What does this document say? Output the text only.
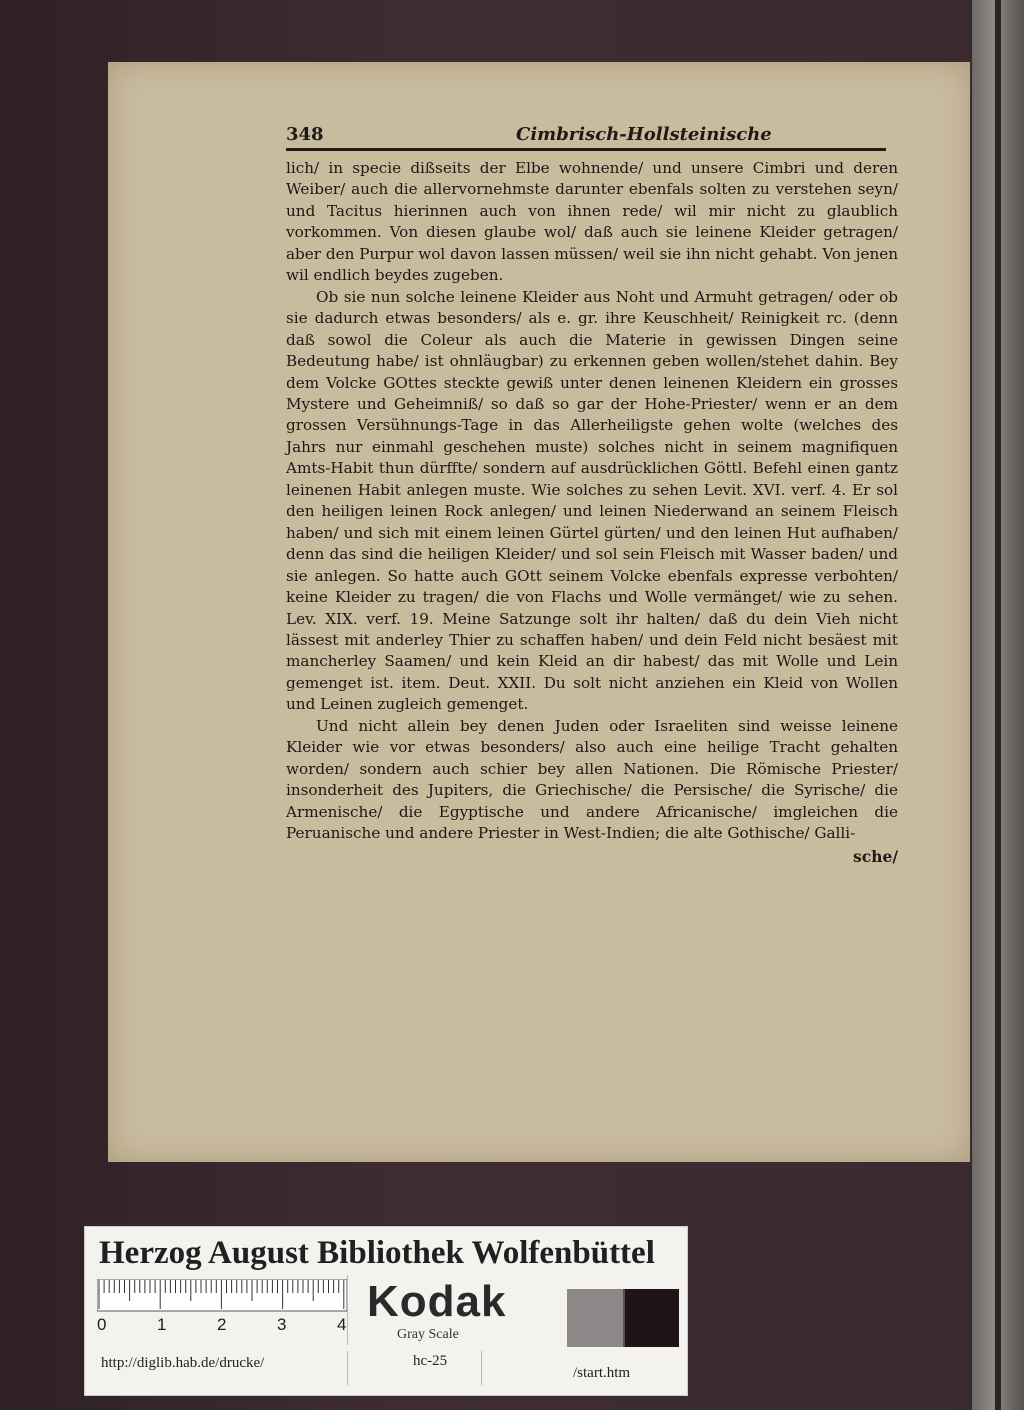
348	Cimbrisch-Hollsteinische

lich/ in specie dißseits der Elbe wohnende/ und unsere Cimbri und deren Weiber/ auch die allervornehmste darunter ebenfals solten zu verstehen seyn/ und Tacitus hierinnen auch von ihnen rede/ wil mir nicht zu glaublich vorkommen. Von diesen glaube wol/ daß auch sie leinene Kleider getragen/ aber den Purpur wol davon lassen müssen/ weil sie ihn nicht gehabt. Von jenen wil endlich beydes zugeben.

Ob sie nun solche leinene Kleider aus Noht und Armuht getragen/ oder ob sie dadurch etwas besonders/ als e. gr. ihre Keuschheit/ Reinigkeit rc. (denn daß sowol die Coleur als auch die Materie in gewissen Dingen seine Bedeutung habe/ ist ohnläugbar) zu erkennen geben wollen/stehet dahin. Bey dem Volcke GOttes steckte gewiß unter denen leinenen Kleidern ein grosses Mystere und Geheimniß/ so daß so gar der Hohe-Priester/ wenn er an dem grossen Versühnungs-Tage in das Allerheiligste gehen wolte (welches des Jahrs nur einmahl geschehen muste) solches nicht in seinem magnifiquen Amts-Habit thun dürffte/ sondern auf ausdrücklichen Göttl. Befehl einen gantz leinenen Habit anlegen muste. Wie solches zu sehen Levit. XVI. verf. 4. Er sol den heiligen leinen Rock anlegen/ und leinen Niederwand an seinem Fleisch haben/ und sich mit einem leinen Gürtel gürten/ und den leinen Hut aufhaben/ denn das sind die heiligen Kleider/ und sol sein Fleisch mit Wasser baden/ und sie anlegen. So hatte auch GOtt seinem Volcke ebenfals expresse verbohten/ keine Kleider zu tragen/ die von Flachs und Wolle vermänget/ wie zu sehen. Lev. XIX. verf. 19. Meine Satzunge solt ihr halten/ daß du dein Vieh nicht lässest mit anderley Thier zu schaffen haben/ und dein Feld nicht besäest mit mancherley Saamen/ und kein Kleid an dir habest/ das mit Wolle und Lein gemenget ist. item. Deut. XXII. Du solt nicht anziehen ein Kleid von Wollen und Leinen zugleich gemenget.

Und nicht allein bey denen Juden oder Israeliten sind weisse leinene Kleider wie vor etwas besonders/ also auch eine heilige Tracht gehalten worden/ sondern auch schier bey allen Nationen. Die Römische Priester/ insonderheit des Jupiters, die Griechische/ die Persische/ die Syrische/ die Armenische/ die Egyptische und andere Africanische/ imgleichen die Peruanische und andere Priester in West-Indien; die alte Gothische/ Galli-

sche/
Herzog August Bibliothek Wolfenbüttel
0	1	2	3	4 Kodak
Gray Scale
http://diglib.hab.de/drucke/	hc-25
/start.htm
